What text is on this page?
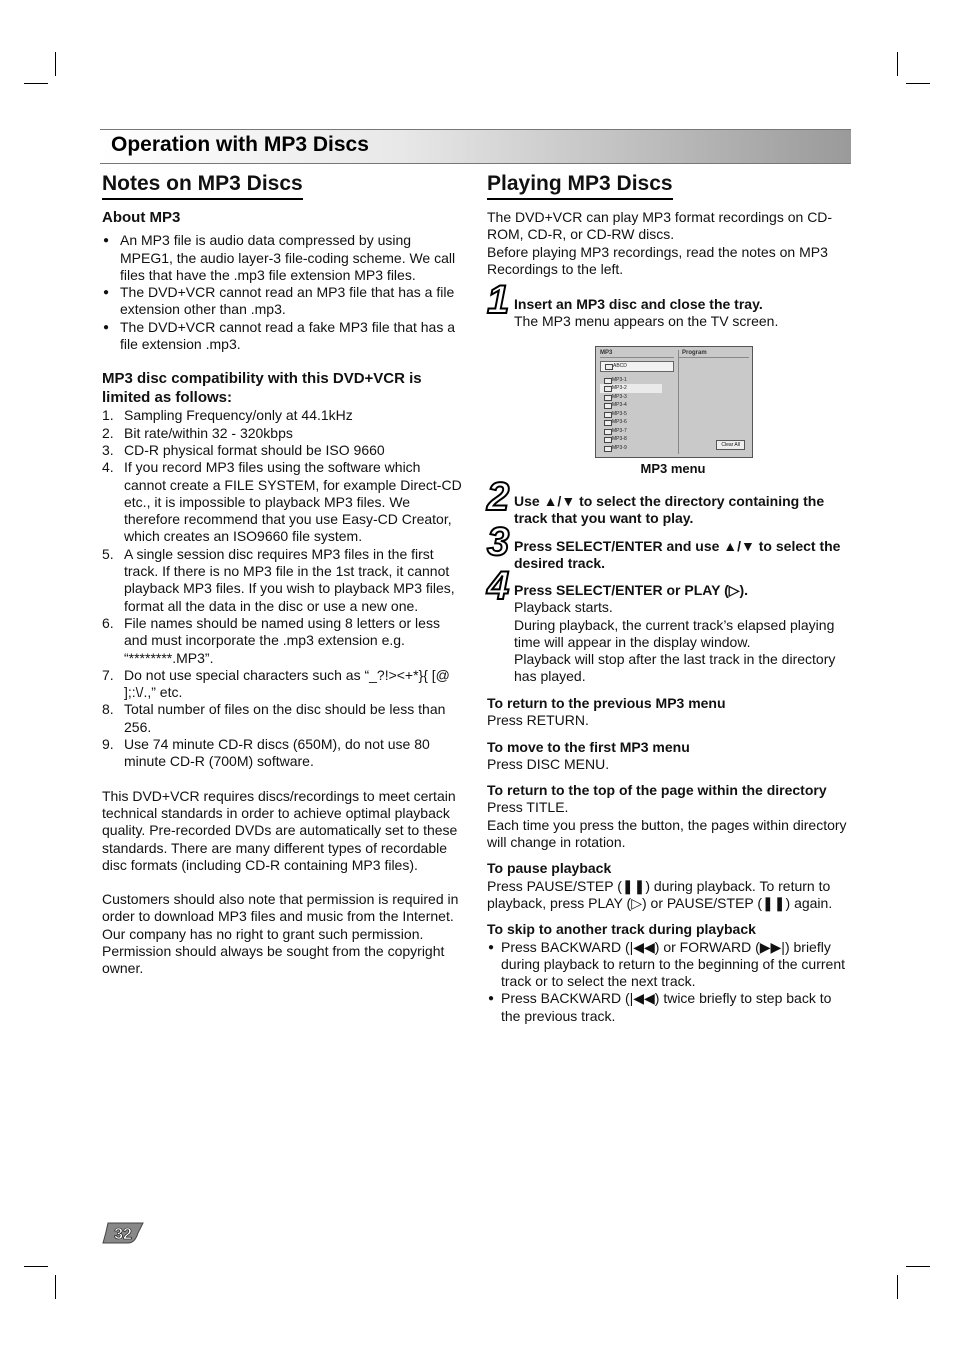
Operation with MP3 Discs
Notes on MP3 Discs

About MP3

● An MP3 file is audio data compressed by using MPEG1, the audio layer-3 file-coding scheme. We call files that have the .mp3 file extension MP3 files.
● The DVD+VCR cannot read an MP3 file that has a file extension other than .mp3.
● The DVD+VCR cannot read a fake MP3 file that has a file extension .mp3.

MP3 disc compatibility with this DVD+VCR is limited as follows:

1. Sampling Frequency/only at 44.1kHz
2. Bit rate/within 32 - 320kbps
3. CD-R physical format should be ISO 9660
4. If you record MP3 files using the software which cannot create a FILE SYSTEM, for example Direct-CD etc., it is impossible to playback MP3 files. We therefore recommend that you use Easy-CD Creator, which creates an ISO9660 file system.
5. A single session disc requires MP3 files in the first track. If there is no MP3 file in the 1st track, it cannot playback MP3 files. If you wish to playback MP3 files, format all the data in the disc or use a new one.
6. File names should be named using 8 letters or less and must incorporate the .mp3 extension e.g. “********.MP3”.
7. Do not use special characters such as “_?!><+*}{ [@ ];:\/.,” etc.
8. Total number of files on the disc should be less than 256.
9. Use 74 minute CD-R discs (650M), do not use 80 minute CD-R (700M) software.

This DVD+VCR requires discs/recordings to meet certain technical standards in order to achieve optimal playback quality. Pre-recorded DVDs are automatically set to these standards. There are many different types of recordable disc formats (including CD-R containing MP3 files).

Customers should also note that permission is required in order to download MP3 files and music from the Internet. Our company has no right to grant such permission. Permission should always be sought from the copyright owner.

Playing MP3 Discs

The DVD+VCR can play MP3 format recordings on CD-ROM, CD-R, or CD-RW discs.

Before playing MP3 recordings, read the notes on MP3 Recordings to the left.

1 Insert an MP3 disc and close the tray.

The MP3 menu appears on the TV screen.

MP3
ABCD
MP3-1
MP3-2
MP3-3
MP3-4
MP3-5
MP3-6
MP3-7
MP3-8
MP3-9
Program
Clear All
MP3 menu
2 Use ▲/▼ to select the directory containing the track that you want to play.

3 Press SELECT/ENTER and use ▲/▼ to select the desired track.

4 Press SELECT/ENTER or PLAY (▷).

Playback starts.

During playback, the current track’s elapsed playing time will appear in the display window.

Playback will stop after the last track in the directory has played.

To return to the previous MP3 menu

Press RETURN.

To move to the first MP3 menu

Press DISC MENU.

To return to the top of the page within the directory

Press TITLE.

Each time you press the button, the pages within directory will change in rotation.

To pause playback

Press PAUSE/STEP (❚❚) during playback. To return to playback, press PLAY (▷) or PAUSE/STEP (❚❚) again.

To skip to another track during playback

● Press BACKWARD (|◀◀) or FORWARD (▶▶|) briefly during playback to return to the beginning of the current track or to select the next track.
● Press BACKWARD (|◀◀) twice briefly to step back to the previous track.
32
